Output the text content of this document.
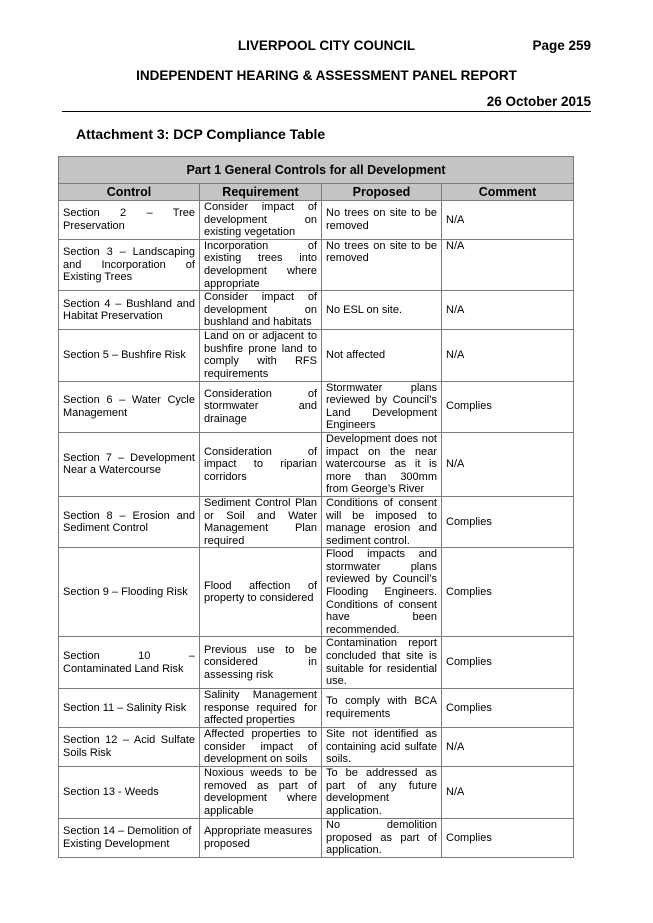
LIVERPOOL CITY COUNCIL	Page 259
INDEPENDENT HEARING & ASSESSMENT PANEL REPORT
26 October 2015
Attachment 3: DCP Compliance Table
Part 1 General Controls for all Development			
Control	Requirement	Proposed	Comment
Section 2 – Tree Preservation	Consider impact of development on existing vegetation	No trees on site to be removed	N/A
Section 3 – Landscaping and Incorporation of Existing Trees	Incorporation of existing trees into development where appropriate	No trees on site to be removed	N/A
Section 4 – Bushland and Habitat Preservation	Consider impact of development on bushland and habitats	No ESL on site.	N/A
Section 5 – Bushfire Risk	Land on or adjacent to bushfire prone land to comply with RFS requirements	Not affected	N/A
Section 6 – Water Cycle Management	Consideration of stormwater and drainage	Stormwater plans reviewed by Council’s Land Development Engineers	Complies
Section 7 – Development Near a Watercourse	Consideration of impact to riparian corridors	Development does not impact on the near watercourse as it is more than 300mm from George’s River	N/A
Section 8 – Erosion and Sediment Control	Sediment Control Plan or Soil and Water Management Plan required	Conditions of consent will be imposed to manage erosion and sediment control.	Complies
Section 9 – Flooding Risk	Flood affection of property to considered	Flood impacts and stormwater plans reviewed by Council’s Flooding Engineers. Conditions of consent have been recommended.	Complies
Section 10 – Contaminated Land Risk	Previous use to be considered in assessing risk	Contamination report concluded that site is suitable for residential use.	Complies
Section 11 – Salinity Risk	Salinity Management response required for affected properties	To comply with BCA requirements	Complies
Section 12 – Acid Sulfate Soils Risk	Affected properties to consider impact of development on soils	Site not identified as containing acid sulfate soils.	N/A
Section 13 - Weeds	Noxious weeds to be removed as part of development where applicable	To be addressed as part of any future development application.	N/A
Section 14 – Demolition of Existing Development	Appropriate measures proposed	No demolition proposed as part of application.	Complies
